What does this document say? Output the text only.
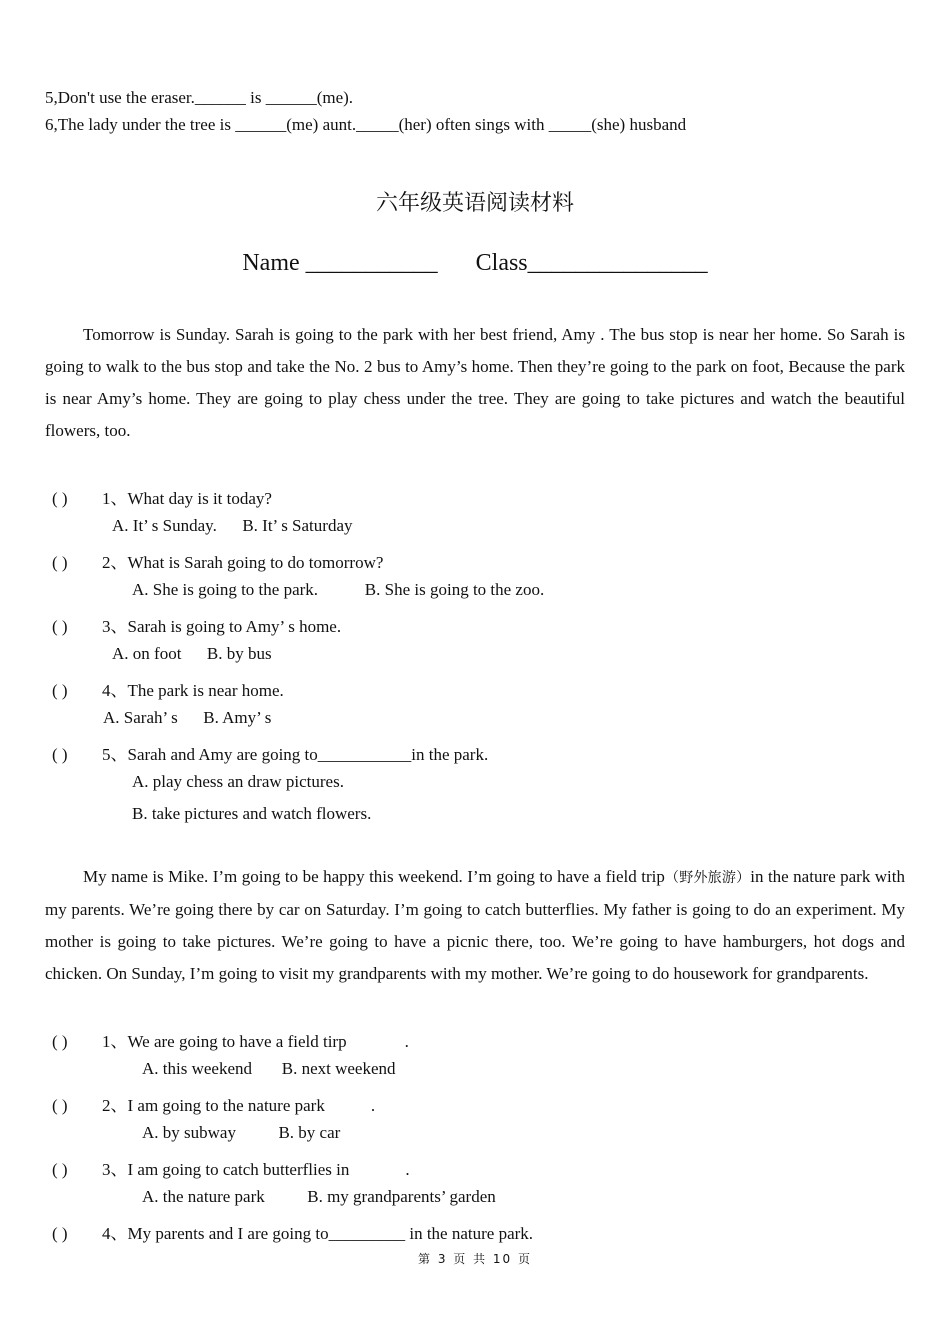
5,Don't use the eraser.______ is ______(me).
6,The lady under the tree is ______(me) aunt._____(her) often sings with _____(she) husband
六年级英语阅读材料
Name ___________ Class_______________
Tomorrow is Sunday. Sarah is going to the park with her best friend, Amy . The bus stop is near her home. So Sarah is going to walk to the bus stop and take the No. 2 bus to Amy’s home. Then they’re going to the park on foot, Because the park is near Amy’s home. They are going to play chess under the tree. They are going to take pictures and watch the beautiful flowers, too.
( ) 1、What day is it today?
A. It’ s Sunday.      B. It’ s Saturday
( ) 2、What is Sarah going to do tomorrow?
A. She is going to the park.           B. She is going to the zoo.
( ) 3、Sarah is going to Amy’ s home.
A. on foot      B. by bus
( ) 4、The park is near home.
A. Sarah’ s      B. Amy’ s
( ) 5、Sarah and Amy are going to___________in the park.
A. play chess an draw pictures.
B. take pictures and watch flowers.
My name is Mike. I’m going to be happy this weekend. I’m going to have a field trip（野外旅游）in the nature park with my parents. We’re going there by car on Saturday. I’m going to catch butterflies. My father is going to do an experiment. My mother is going to take pictures. We’re going to have a picnic there, too. We’re going to have hamburgers, hot dogs and chicken. On Sunday, I’m going to visit my grandparents with my mother. We’re going to do housework for grandparents.
( ) 1、We are going to have a field tirp	.
A. this weekend       B. next weekend
( ) 2、I am going to the nature park	.
A. by subway          B. by car
( ) 3、I am going to catch butterflies in	.
A. the nature park          B. my grandparents’ garden
( ) 4、My parents and I are going to_________ in the nature park.
第 3 页 共 10 页
